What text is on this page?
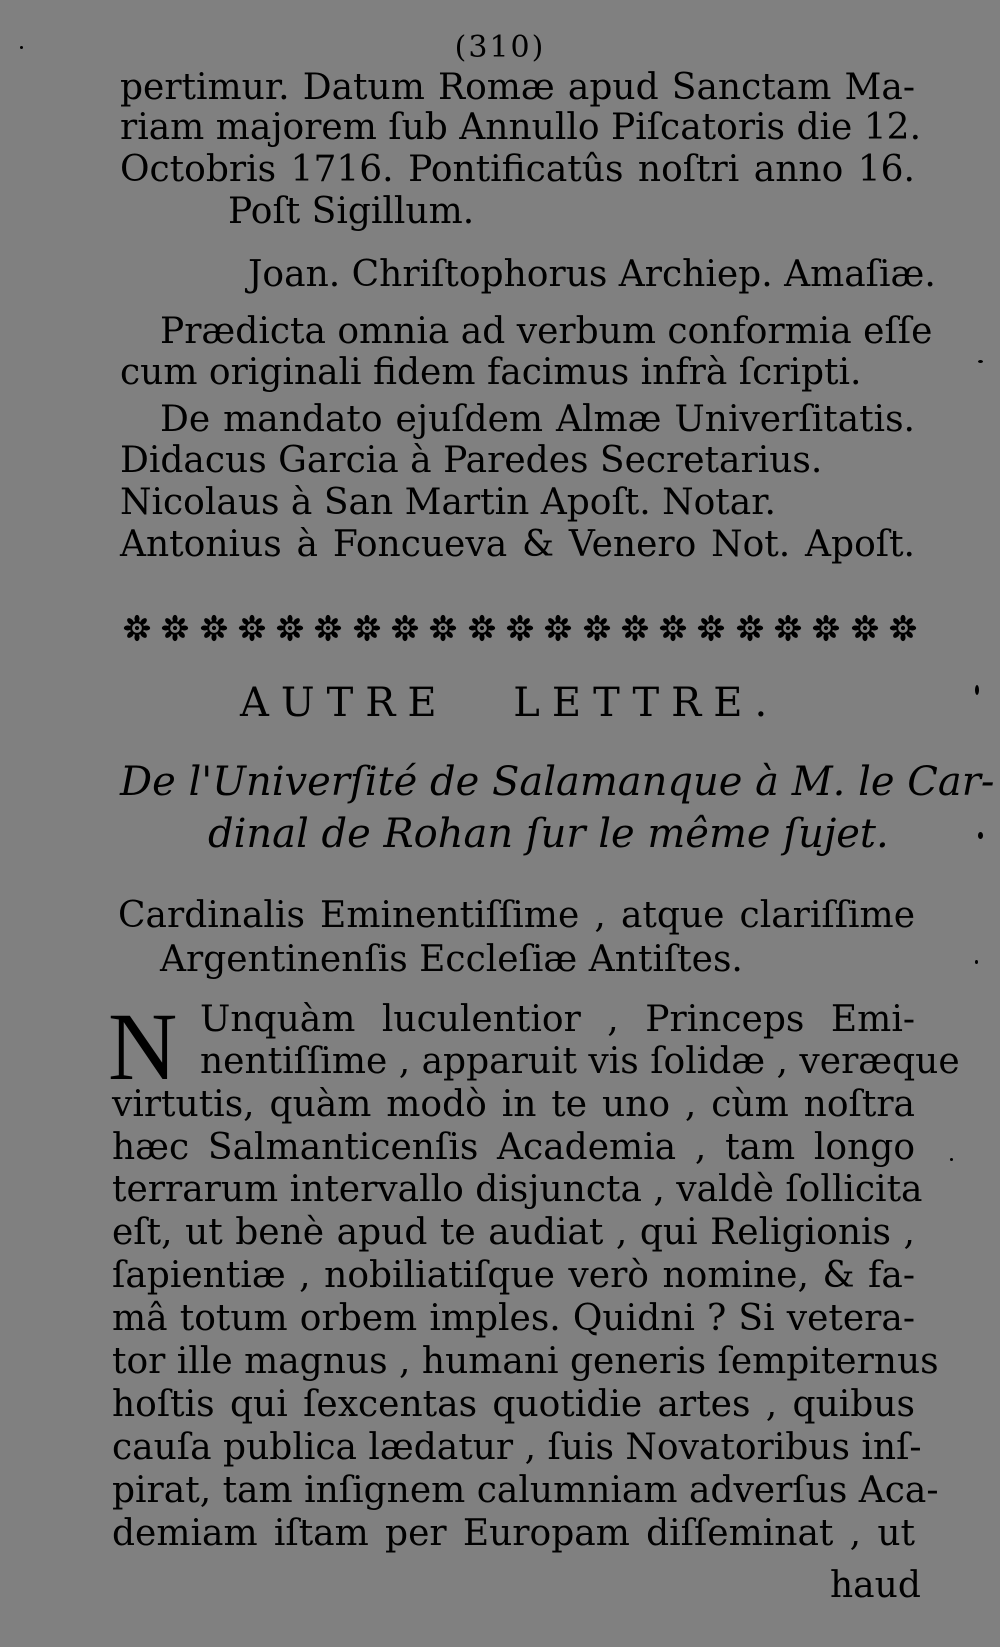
(310)
pertimur. Datum Romæ apud Sanctam Ma-
riam majorem ſub Annullo Piſcatoris die 12.
Octobris 1716. Pontificatûs noſtri anno 16.
Poſt Sigillum.
Joan. Chriſtophorus Archiep. Amaſiæ.
Prædicta omnia ad verbum conformia eſſe
cum originali fidem facimus infrà ſcripti.
De mandato ejuſdem Almæ Univerſitatis.
Didacus Garcia à Paredes Secretarius.
Nicolaus à San Martin Apoſt. Notar.
Antonius à Foncueva & Venero Not. Apoſt.
AUTRE LETTRE.
De l'Univerſité de Salamanque à M. le Car-
dinal de Rohan ſur le même ſujet.
Cardinalis Eminentiſſime , atque clariſſime
Argentinenſis Eccleſiæ Antiſtes.
N Unquàm luculentior , Princeps Emi-
nentiſſime , apparuit vis ſolidæ , veræque
virtutis, quàm modò in te uno , cùm noſtra
hæc Salmanticenſis Academia , tam longo
terrarum intervallo disjuncta , valdè ſollicita
eſt, ut benè apud te audiat , qui Religionis ,
ſapientiæ , nobiliatiſque verò nomine, & fa-
mâ totum orbem imples. Quidni ? Si vetera-
tor ille magnus , humani generis ſempiternus
hoſtis qui ſexcentas quotidie artes , quibus
cauſa publica lædatur , ſuis Novatoribus inſ-
pirat, tam inſignem calumniam adverſus Aca-
demiam iſtam per Europam diſſeminat , ut
haud
